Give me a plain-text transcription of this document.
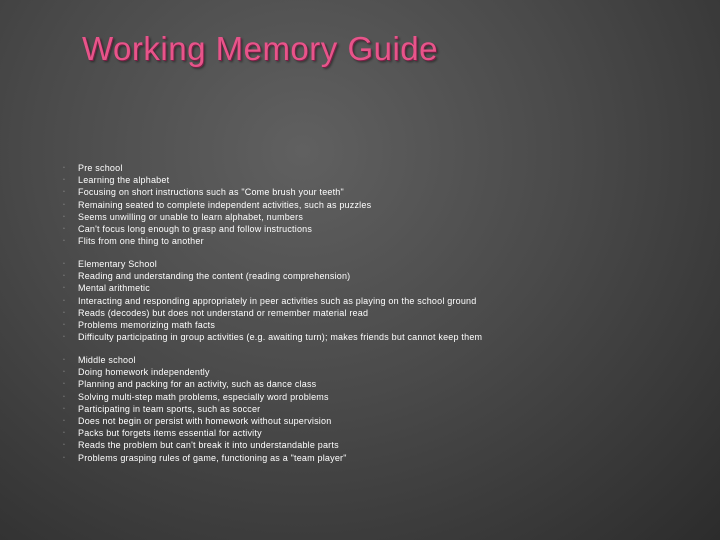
Working Memory Guide
▫ Pre school
▫ Learning the alphabet
▫ Focusing on short instructions such as "Come brush your teeth"
▫ Remaining seated to complete independent activities, such as puzzles
▫ Seems unwilling or unable to learn alphabet, numbers
▫ Can't focus long enough to grasp and follow instructions
▫ Flits from one thing to another
▫ Elementary School
▫ Reading and understanding the content (reading comprehension)
▫ Mental arithmetic
▫ Interacting and responding appropriately in peer activities such as playing on the school ground
▫ Reads (decodes) but does not understand or remember material read
▫ Problems memorizing math facts
▫ Difficulty participating in group activities (e.g. awaiting turn); makes friends but cannot keep them
▫ Middle school
▫ Doing homework independently
▫ Planning and packing for an activity, such as dance class
▫ Solving multi-step math problems, especially word problems
▫ Participating in team sports, such as soccer
▫ Does not begin or persist with homework without supervision
▫ Packs but forgets items essential for activity
▫ Reads the problem but can't break it into understandable parts
▫ Problems grasping rules of game, functioning as a "team player"
